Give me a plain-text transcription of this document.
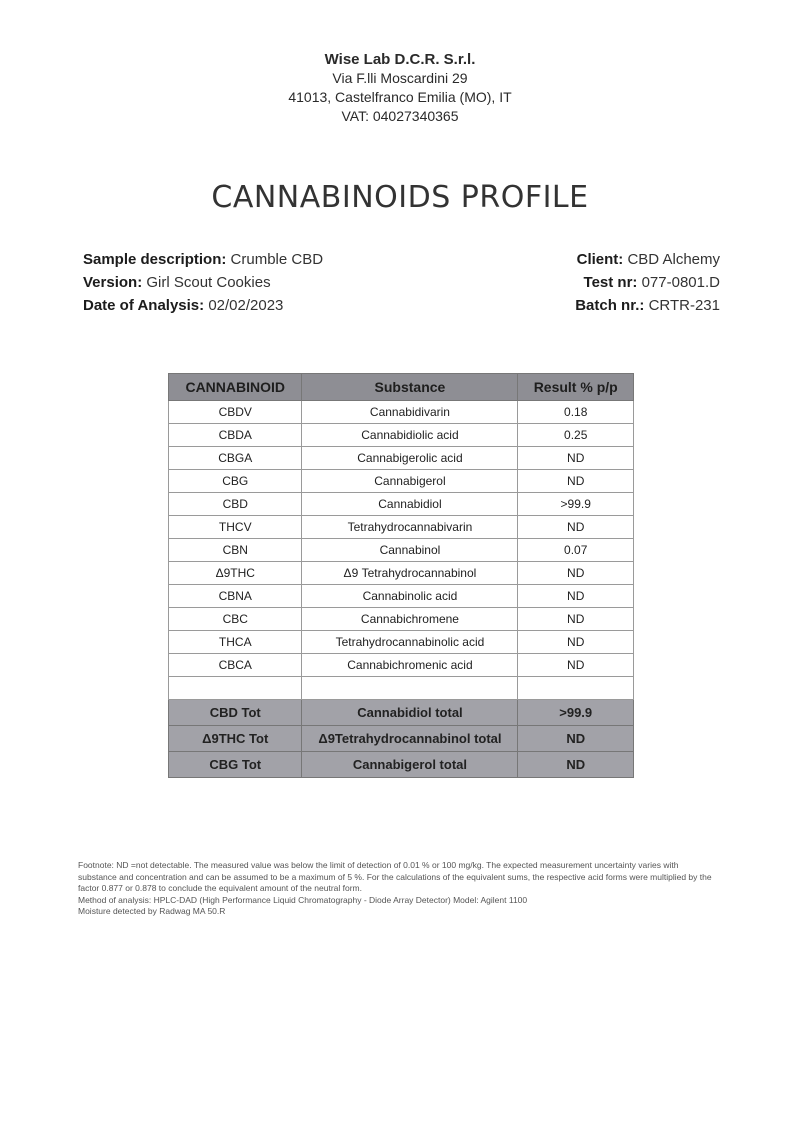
Wise Lab D.C.R. S.r.l.
Via F.lli Moscardini 29
41013, Castelfranco Emilia (MO), IT
VAT: 04027340365
CANNABINOIDS PROFILE
Sample description: Crumble CBD
Version: Girl Scout Cookies
Date of Analysis: 02/02/2023
Client: CBD Alchemy
Test nr: 077-0801.D
Batch nr.: CRTR-231
CANNABINOID	Substance	Result % p/p
CBDV	Cannabidivarin	0.18
CBDA	Cannabidiolic acid	0.25
CBGA	Cannabigerolic acid	ND
CBG	Cannabigerol	ND
CBD	Cannabidiol	>99.9
THCV	Tetrahydrocannabivarin	ND
CBN	Cannabinol	0.07
Δ9THC	Δ9 Tetrahydrocannabinol	ND
CBNA	Cannabinolic acid	ND
CBC	Cannabichromene	ND
THCA	Tetrahydrocannabinolic acid	ND
CBCA	Cannabichromenic acid	ND

CBD Tot	Cannabidiol total	>99.9
Δ9THC Tot	Δ9Tetrahydrocannabinol total	ND
CBG Tot	Cannabigerol total	ND

Footnote: ND =not detectable. The measured value was below the limit of detection of 0.01 % or 100 mg/kg. The expected measurement uncertainty varies with substance and concentration and can be assumed to be a maximum of 5 %. For the calculations of the equivalent sums, the respective acid forms were multiplied by the factor 0.877 or 0.878 to conclude the equivalent amount of the neutral form.

Method of analysis: HPLC-DAD (High Performance Liquid Chromatography - Diode Array Detector) Model: Agilent 1100

Moisture detected by Radwag MA 50.R
